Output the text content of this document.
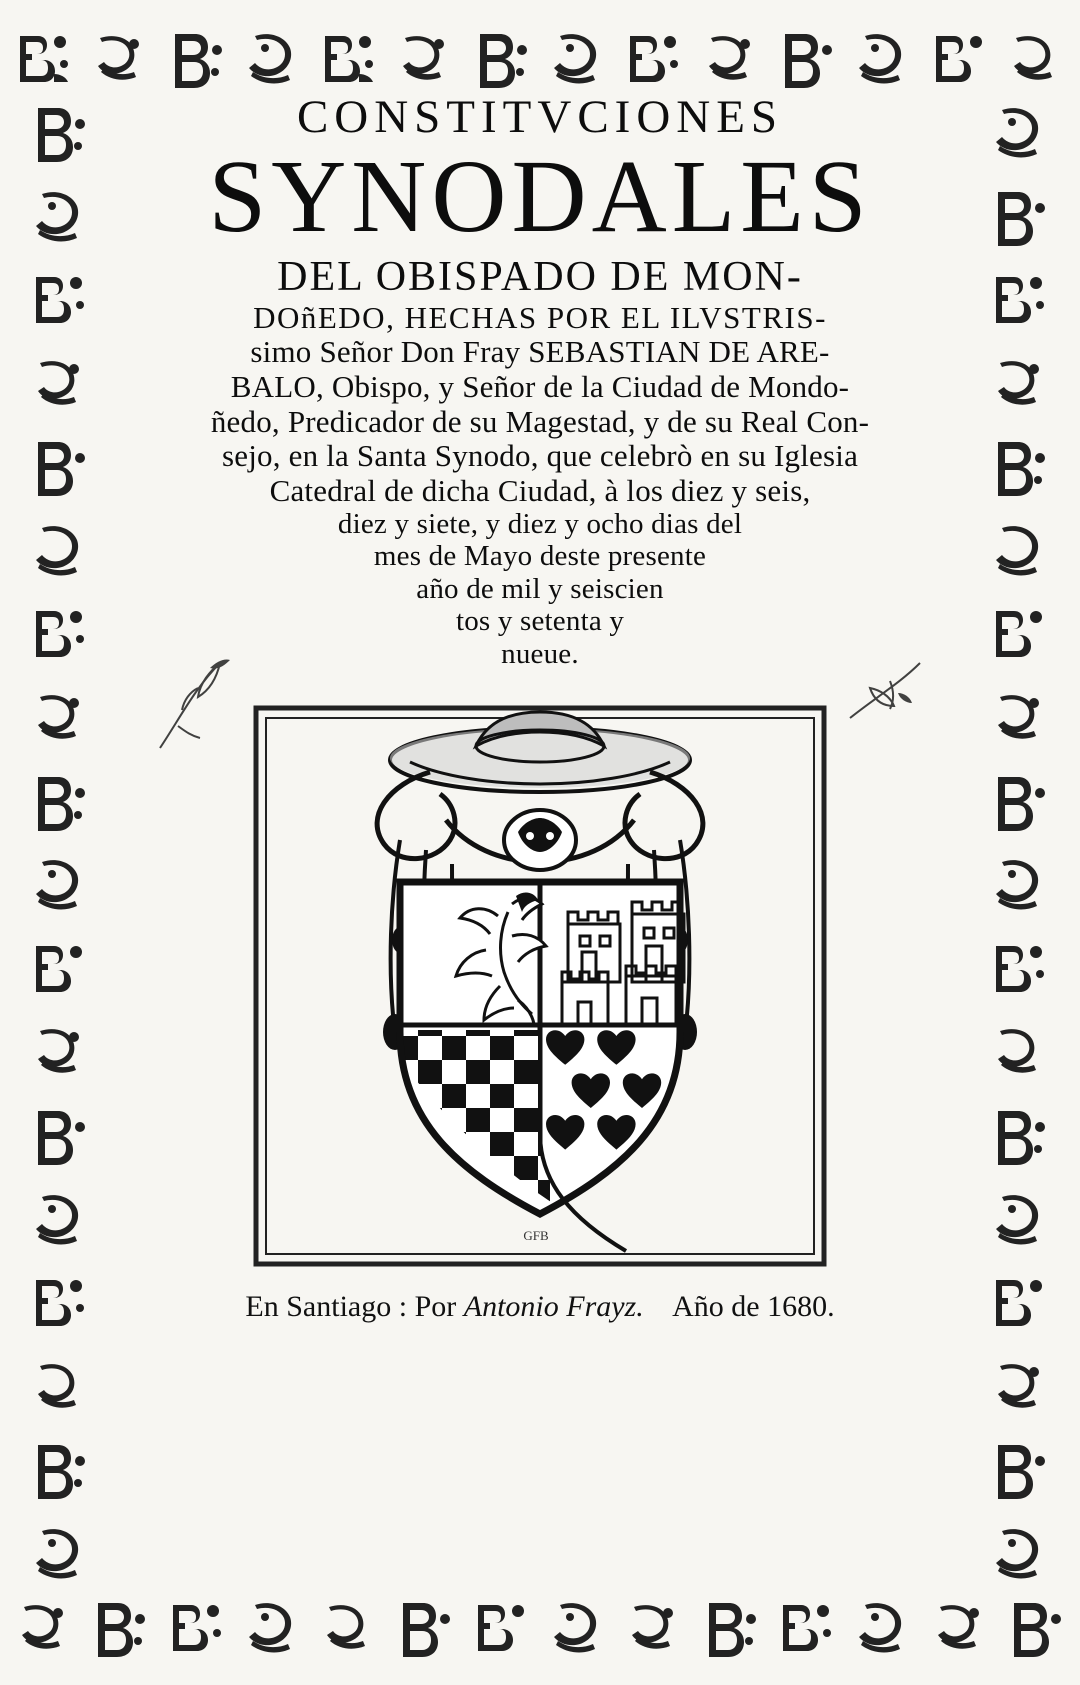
CONSTITVCIONES
SYNODALES
DEL OBISPADO DE MON-
DOñEDO, HECHAS POR EL ILVSTRIS-
simo Señor Don Fray SEBASTIAN DE ARE-
BALO, Obispo, y Señor de la Ciudad de Mondo-
ñedo, Predicador de su Magestad, y de su Real Con-
sejo, en la Santa Synodo, que celebrò en su Iglesia
Catedral de dicha Ciudad, à los diez y seis,
diez y siete, y diez y ocho dias del
mes de Mayo deste presente
año de mil y seiscien
tos y setenta y
nueue.
GFB
En Santiago : Por Antonio Frayz. Año de 1680.
